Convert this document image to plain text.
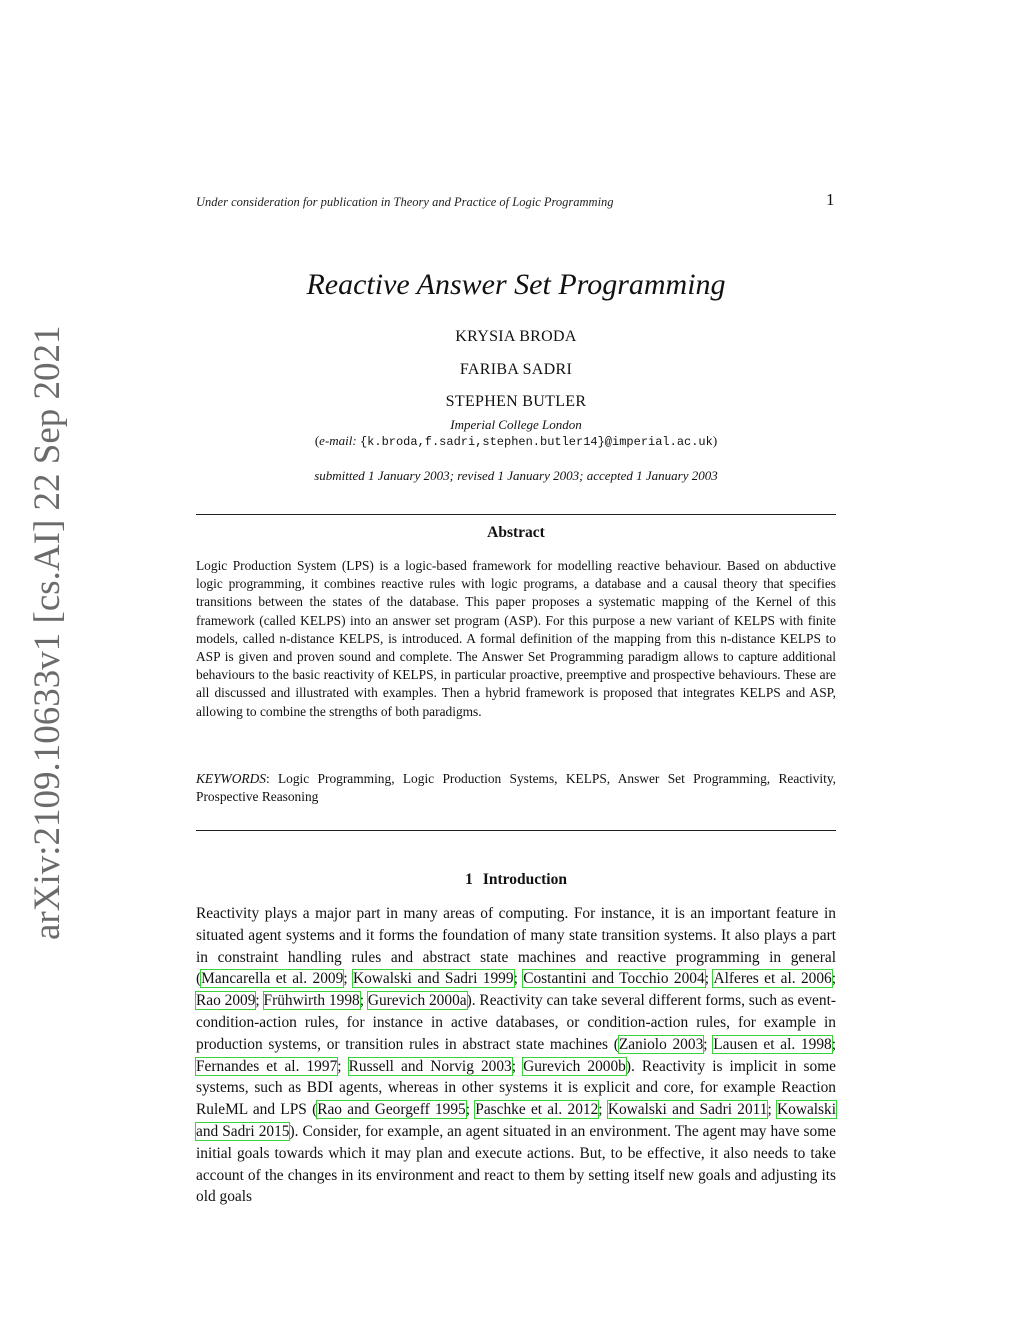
arXiv:2109.10633v1 [cs.AI] 22 Sep 2021
Under consideration for publication in Theory and Practice of Logic Programming	1
Reactive Answer Set Programming
KRYSIA BRODA
FARIBA SADRI
STEPHEN BUTLER
Imperial College London
(e-mail: {k.broda,f.sadri,stephen.butler14}@imperial.ac.uk)
submitted 1 January 2003; revised 1 January 2003; accepted 1 January 2003
Abstract

Logic Production System (LPS) is a logic-based framework for modelling reactive behaviour. Based on abductive logic programming, it combines reactive rules with logic programs, a database and a causal theory that specifies transitions between the states of the database. This paper proposes a systematic mapping of the Kernel of this framework (called KELPS) into an answer set program (ASP). For this purpose a new variant of KELPS with finite models, called n-distance KELPS, is introduced. A formal definition of the mapping from this n-distance KELPS to ASP is given and proven sound and complete. The Answer Set Programming paradigm allows to capture additional behaviours to the basic reactivity of KELPS, in particular proactive, preemptive and prospective behaviours. These are all discussed and illustrated with examples. Then a hybrid framework is proposed that integrates KELPS and ASP, allowing to combine the strengths of both paradigms.

KEYWORDS: Logic Programming, Logic Production Systems, KELPS, Answer Set Programming, Reactivity, Prospective Reasoning

1 Introduction

Reactivity plays a major part in many areas of computing. For instance, it is an important feature in situated agent systems and it forms the foundation of many state transition systems. It also plays a part in constraint handling rules and abstract state machines and reactive programming in general (Mancarella et al. 2009; Kowalski and Sadri 1999; Costantini and Tocchio 2004; Alferes et al. 2006; Rao 2009; Frühwirth 1998; Gurevich 2000a). Reactivity can take several different forms, such as event-condition-action rules, for instance in active databases, or condition-action rules, for example in production systems, or transition rules in abstract state machines (Zaniolo 2003; Lausen et al. 1998; Fernandes et al. 1997; Russell and Norvig 2003; Gurevich 2000b). Reactivity is implicit in some systems, such as BDI agents, whereas in other systems it is explicit and core, for example Reaction RuleML and LPS (Rao and Georgeff 1995; Paschke et al. 2012; Kowalski and Sadri 2011; Kowalski and Sadri 2015). Consider, for example, an agent situated in an environment. The agent may have some initial goals towards which it may plan and execute actions. But, to be effective, it also needs to take account of the changes in its environment and react to them by setting itself new goals and adjusting its old goals
